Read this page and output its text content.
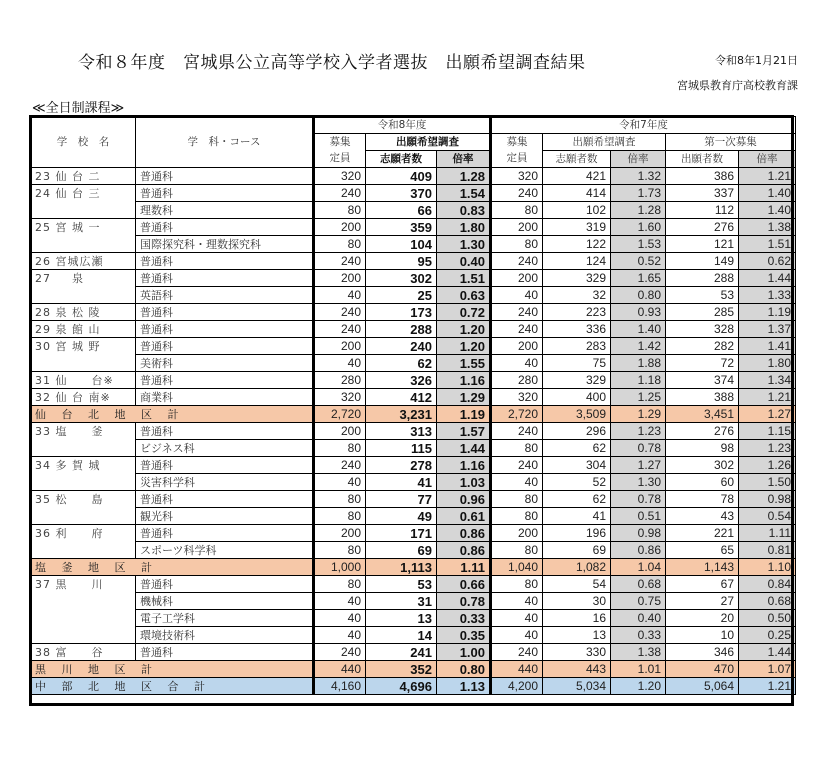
令和８年度　宮城県公立高等学校入学者選抜　出願希望調査結果	令和8年1月21日
宮城県教育庁高校教育課
≪全日制課程≫
学　校　名	学　科・コース	令和8年度			令和7年度				
		募集	出願希望調査		募集	出願希望調査		第一次募集	
		定員	志願者数	倍率	定員	志願者数	倍率	出願者数	倍率
23 仙 台 二	普通科	320	409	1.28	320	421	1.32	386	1.21
24 仙 台 三	普通科	240	370	1.54	240	414	1.73	337	1.40
	理数科	80	66	0.83	80	102	1.28	112	1.40
25 宮 城 一	普通科	200	359	1.80	200	319	1.60	276	1.38
	国際探究科・理数探究科	80	104	1.30	80	122	1.53	121	1.51
26 宮城広瀬	普通科	240	95	0.40	240	124	0.52	149	0.62
27 　 泉	普通科	200	302	1.51	200	329	1.65	288	1.44
	英語科	40	25	0.63	40	32	0.80	53	1.33
28 泉 松 陵	普通科	240	173	0.72	240	223	0.93	285	1.19
29 泉 館 山	普通科	240	288	1.20	240	336	1.40	328	1.37
30 宮 城 野	普通科	200	240	1.20	200	283	1.42	282	1.41
	美術科	40	62	1.55	40	75	1.88	72	1.80
31 仙　　台※	普通科	280	326	1.16	280	329	1.18	374	1.34
32 仙 台 南※	商業科	320	412	1.29	320	400	1.25	388	1.21
仙 台 北 地 区 計		2,720	3,231	1.19	2,720	3,509	1.29	3,451	1.27
33 塩　　釜	普通科	200	313	1.57	240	296	1.23	276	1.15
	ビジネス科	80	115	1.44	80	62	0.78	98	1.23
34 多 賀 城	普通科	240	278	1.16	240	304	1.27	302	1.26
	災害科学科	40	41	1.03	40	52	1.30	60	1.50
35 松　　島	普通科	80	77	0.96	80	62	0.78	78	0.98
	観光科	80	49	0.61	80	41	0.51	43	0.54
36 利　　府	普通科	200	171	0.86	200	196	0.98	221	1.11
	スポーツ科学科	80	69	0.86	80	69	0.86	65	0.81
塩 釜 地 区 計		1,000	1,113	1.11	1,040	1,082	1.04	1,143	1.10
37 黒　　川	普通科	80	53	0.66	80	54	0.68	67	0.84
	機械科	40	31	0.78	40	30	0.75	27	0.68
	電子工学科	40	13	0.33	40	16	0.40	20	0.50
	環境技術科	40	14	0.35	40	13	0.33	10	0.25
38 富　　谷	普通科	240	241	1.00	240	330	1.38	346	1.44
黒 川 地 区 計		440	352	0.80	440	443	1.01	470	1.07
中 部 北 地 区 合 計		4,160	4,696	1.13	4,200	5,034	1.20	5,064	1.21
